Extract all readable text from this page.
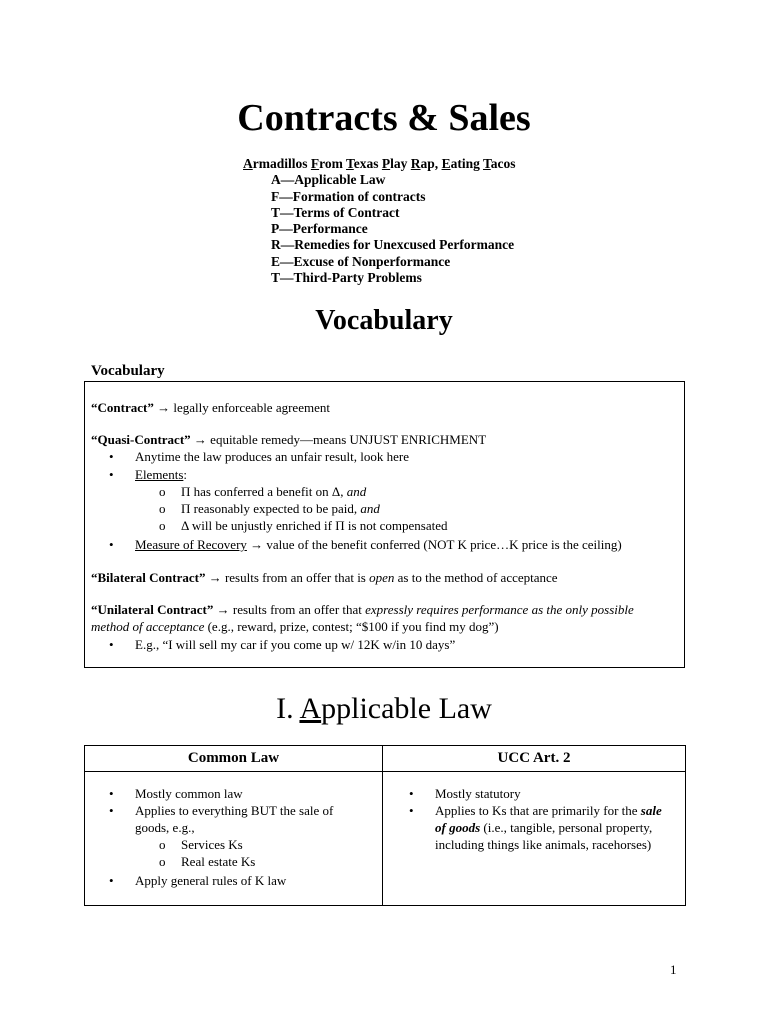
Contracts & Sales
Armadillos From Texas Play Rap, Eating Tacos
A—Applicable Law
F—Formation of contracts
T—Terms of Contract
P—Performance
R—Remedies for Unexcused Performance
E—Excuse of Nonperformance
T—Third-Party Problems
Vocabulary
Vocabulary
“Contract” → legally enforceable agreement
“Quasi-Contract” → equitable remedy—means UNJUST ENRICHMENT
• Anytime the law produces an unfair result, look here
• Elements:
o Π has conferred a benefit on Δ, and
o Π reasonably expected to be paid, and
o Δ will be unjustly enriched if Π is not compensated
• Measure of Recovery → value of the benefit conferred (NOT K price…K price is the ceiling)
“Bilateral Contract” → results from an offer that is open as to the method of acceptance
“Unilateral Contract” → results from an offer that expressly requires performance as the only possible
method of acceptance (e.g., reward, prize, contest; “$100 if you find my dog”)
• E.g., “I will sell my car if you come up w/ 12K w/in 10 days”
I. Applicable Law
Common Law	UCC Art. 2
• Mostly common law
• Applies to everything BUT the sale of
goods, e.g.,
o Services Ks
o Real estate Ks
• Apply general rules of K law
• Mostly statutory
• Applies to Ks that are primarily for the sale
of goods (i.e., tangible, personal property,
including things like animals, racehorses)
1
